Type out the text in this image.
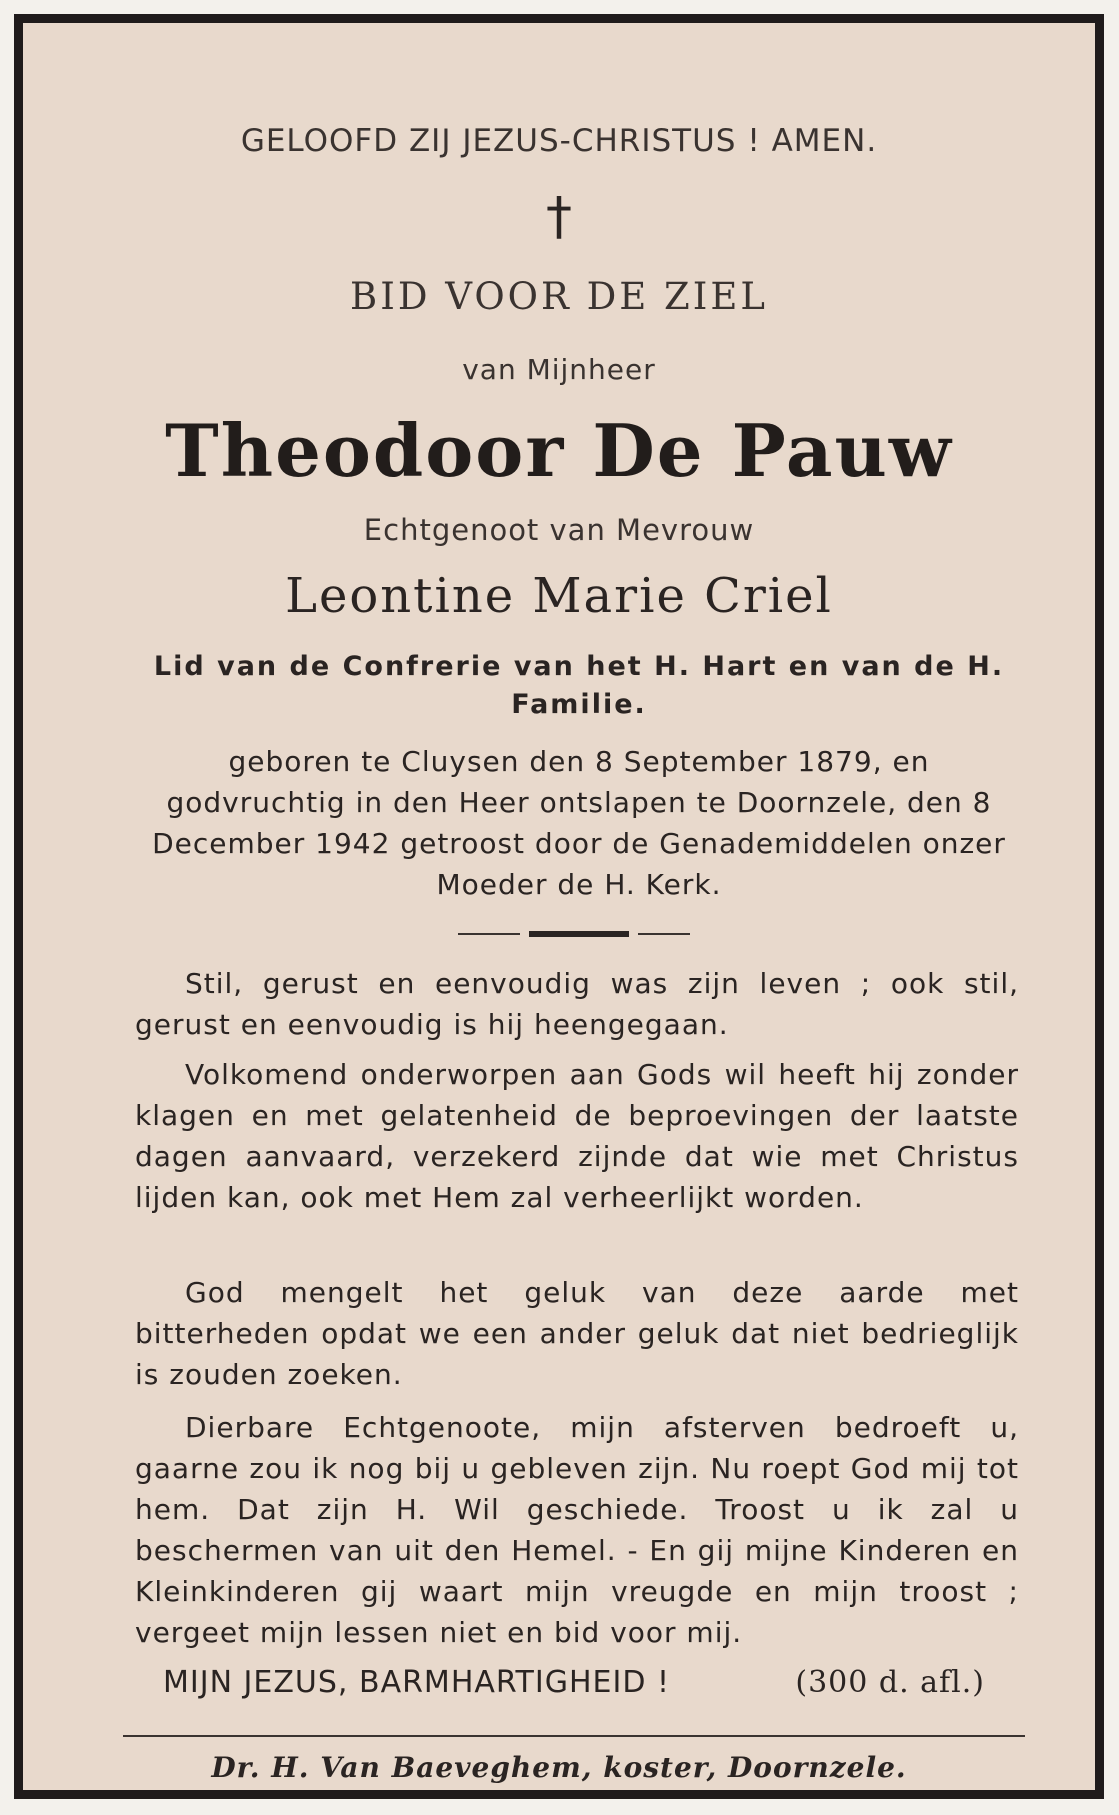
GELOOFD ZIJ JEZUS-CHRISTUS ! AMEN.
†
BID VOOR DE ZIEL
van Mijnheer
Theodoor De Pauw
Echtgenoot van Mevrouw
Leontine Marie Criel
Lid van de Confrerie van het H. Hart en van de H. Familie.
geboren te Cluysen den 8 September 1879, en godvruchtig in den Heer ontslapen te Doornzele, den 8 December 1942 getroost door de Genademiddelen onzer Moeder de H. Kerk.
Stil, gerust en eenvoudig was zijn leven ; ook stil, gerust en eenvoudig is hij heengegaan.
Volkomend onderworpen aan Gods wil heeft hij zonder klagen en met gelatenheid de beproevingen der laatste dagen aanvaard, verzekerd zijnde dat wie met Christus lijden kan, ook met Hem zal verheerlijkt worden.
God mengelt het geluk van deze aarde met bitterheden opdat we een ander geluk dat niet bedrieglijk is zouden zoeken.
Dierbare Echtgenoote, mijn afsterven bedroeft u, gaarne zou ik nog bij u gebleven zijn. Nu roept God mij tot hem. Dat zijn H. Wil geschiede. Troost u ik zal u beschermen van uit den Hemel. - En gij mijne Kinderen en Kleinkinderen gij waart mijn vreugde en mijn troost ; vergeet mijn lessen niet en bid voor mij.
MIJN JEZUS, BARMHARTIGHEID !	(300 d. afl.)
Dr. H. Van Baeveghem, koster, Doornzele.
